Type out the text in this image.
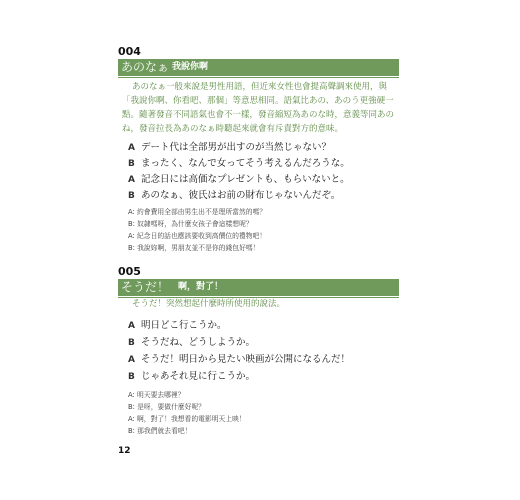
004
あのなぁ 我說你啊

あのなぁ一般來說是男性用語，但近來女性也會提高聲調來使用，與「我說你啊、你看吧、那個」等意思相同。語氣比あの、あのう更強硬一點。隨著發音不同語氣也會不一樣，發音縮短為あのな時，意義等同あのね，發音拉長為あのなぁ時聽起來就會有斥責對方的意味。

A デート代は全部男が出すのが当然じゃない？
B まったく、なんで女ってそう考えるんだろうな。
A 記念日には高価なプレゼントも、もらいないと。
B あのなぁ、彼氏はお前の財布じゃないんだぞ。
A: 約會費用全部由男生出不是理所當然的嗎？
B: 奴隷嗎呀，為什麼女孩子會這樣想呢？
A: 紀念日的話也應該要收到高價位的禮物吧！
B: 我說妳啊，男朋友並不是你的錢包好嗎！
005
そうだ！ 啊，對了！

そうだ！突然想起什麼時所使用的說法。

A 明日どこ行こうか。
B そうだね、どうしようか。
A そうだ！明日から見たい映画が公開になるんだ！
B じゃあそれ見に行こうか。
A: 明天要去哪裡？
B: 是呀，要做什麼好呢？
A: 啊，對了！我想看的電影明天上映！
B: 那我們就去看吧！
12
